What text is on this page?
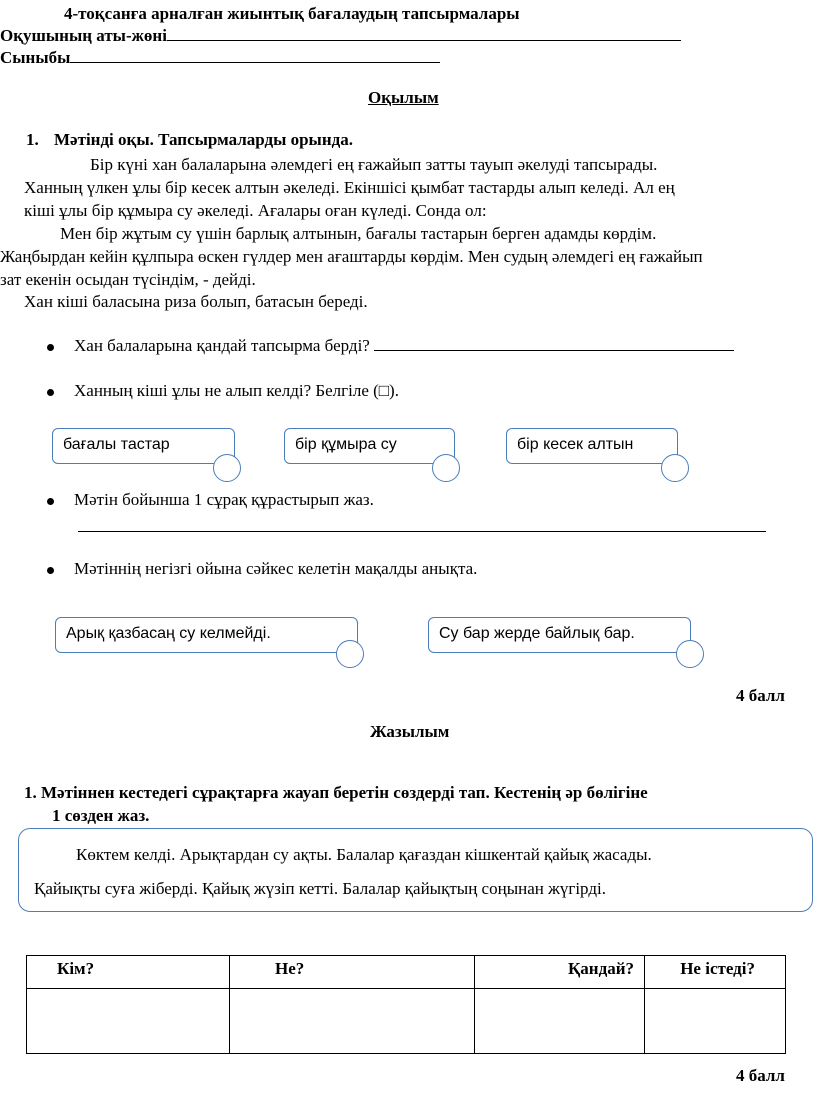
4-тоқсанға арналған жиынтық бағалаудың тапсырмалары
Оқушының аты-жөні
Сыныбы
Оқылым
1. Мәтінді оқы. Тапсырмаларды орында.
Бір күні хан балаларына әлемдегі ең ғажайып затты тауып әкелуді тапсырады.
Ханның үлкен ұлы бір кесек алтын әкеледі. Екіншісі қымбат тастарды алып келеді. Ал ең
кіші ұлы бір құмыра су әкеледі. Ағалары оған күледі. Сонда ол:
Мен бір жұтым су үшін барлық алтынын, бағалы тастарын берген адамды көрдім.
Жаңбырдан кейін құлпыра өскен гүлдер мен ағаштарды көрдім. Мен судың әлемдегі ең ғажайып
зат екенін осыдан түсіндім, - дейді.
Хан кіші баласына риза болып, батасын береді.
Хан балаларына қандай тапсырма берді?
Ханның кіші ұлы не алып келді? Белгіле (□).
бағалы тастар	бір құмыра су	бір кесек алтын
Мәтін бойынша 1 сұрақ құрастырып жаз.
Мәтіннің негізгі ойына сәйкес келетін мақалды анықта.
Арық қазбасаң су келмейді.	Су бар жерде байлық бар.
4 балл
Жазылым
1. Мәтіннен кестедегі сұрақтарға жауап беретін сөздерді тап. Кестенің әр бөлігіне
1 сөзден жаз.
Көктем келді. Арықтардан су ақты. Балалар қағаздан кішкентай қайық жасады.
Қайықты суға жіберді. Қайық жүзіп кетті. Балалар қайықтың соңынан жүгірді.
Кім?	Не?	Қандай?	Не істеді?

4 балл
